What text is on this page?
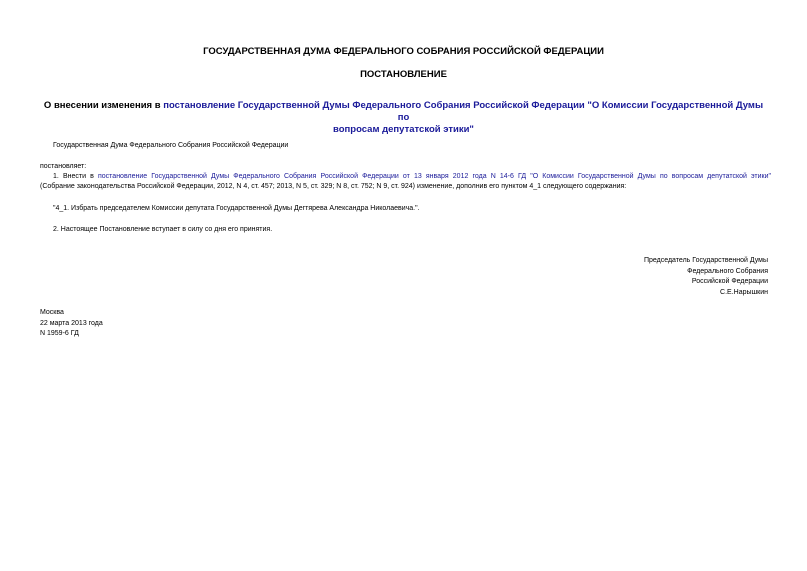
ГОСУДАРСТВЕННАЯ ДУМА ФЕДЕРАЛЬНОГО СОБРАНИЯ РОССИЙСКОЙ ФЕДЕРАЦИИ
ПОСТАНОВЛЕНИЕ
О внесении изменения в постановление Государственной Думы Федерального Собрания Российской Федерации "О Комиссии Государственной Думы по
вопросам депутатской этики"
Государственная Дума Федерального Собрания Российской Федерации
постановляет:
1. Внести в постановление Государственной Думы Федерального Собрания Российской Федерации от 13 января 2012 года N 14-6 ГД "О Комиссии Государственной Думы по вопросам депутатской этики"
(Собрание законодательства Российской Федерации, 2012, N 4, ст. 457; 2013, N 5, ст. 329; N 8, ст. 752; N 9, ст. 924) изменение, дополнив его пунктом 4_1 следующего содержания:
"4_1. Избрать председателем Комиссии депутата Государственной Думы Дегтярева Александра Николаевича.".
2. Настоящее Постановление вступает в силу со дня его принятия.
Председатель Государственной Думы
Федерального Собрания
Российской Федерации
С.Е.Нарышкин
Москва
22 марта 2013 года
N 1959-6 ГД
